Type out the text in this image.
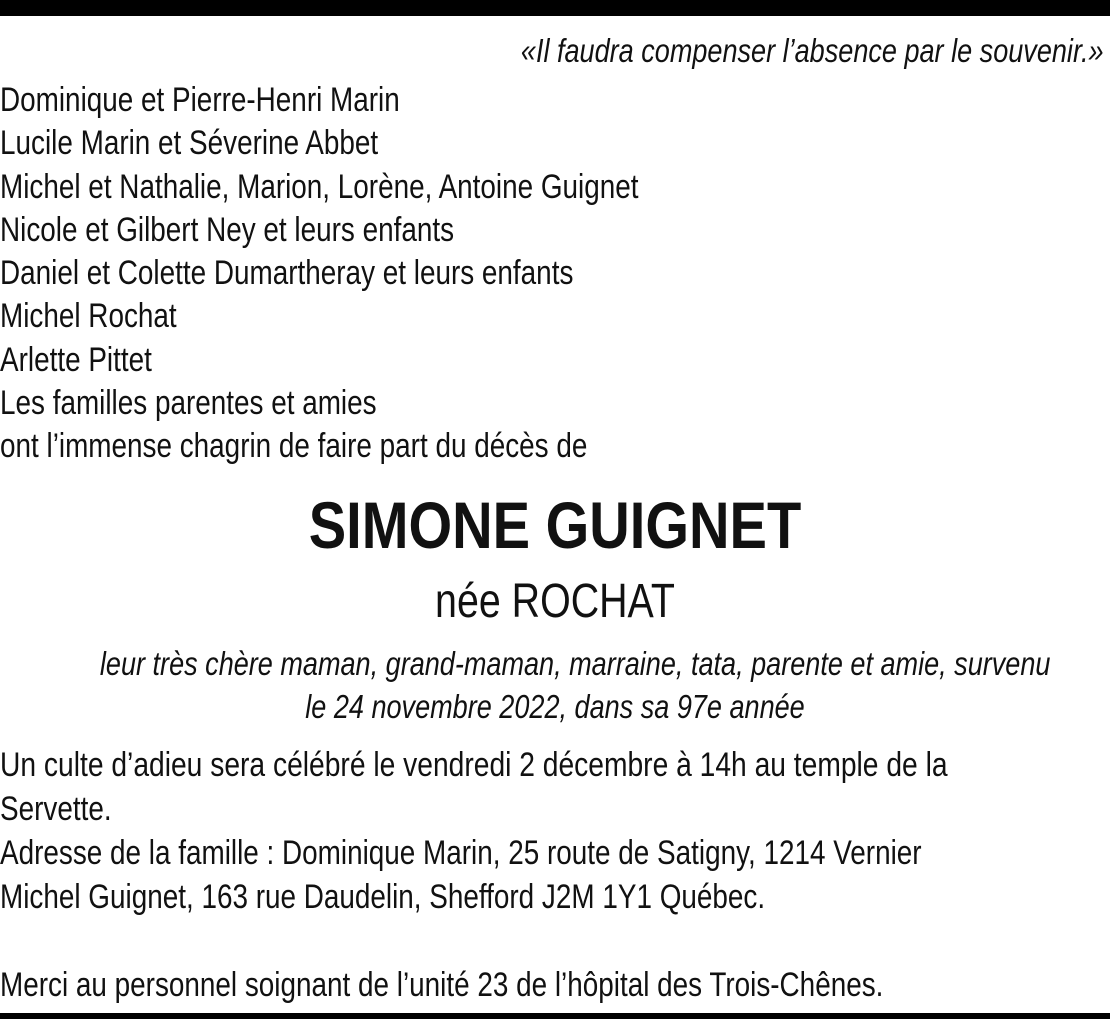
«Il faudra compenser l’absence par le souvenir.»
Dominique et Pierre-Henri Marin
Lucile Marin et Séverine Abbet
Michel et Nathalie, Marion, Lorène, Antoine Guignet
Nicole et Gilbert Ney et leurs enfants
Daniel et Colette Dumartheray et leurs enfants
Michel Rochat
Arlette Pittet
Les familles parentes et amies
ont l’immense chagrin de faire part du décès de
SIMONE GUIGNET
née ROCHAT
leur très chère maman, grand-maman, marraine, tata, parente et amie, survenu
le 24 novembre 2022, dans sa 97e année
Un culte d’adieu sera célébré le vendredi 2 décembre à 14h au temple de la
Servette.
Adresse de la famille : Dominique Marin, 25 route de Satigny, 1214 Vernier
Michel Guignet, 163 rue Daudelin, Shefford J2M 1Y1 Québec.
Merci au personnel soignant de l’unité 23 de l’hôpital des Trois-Chênes.
